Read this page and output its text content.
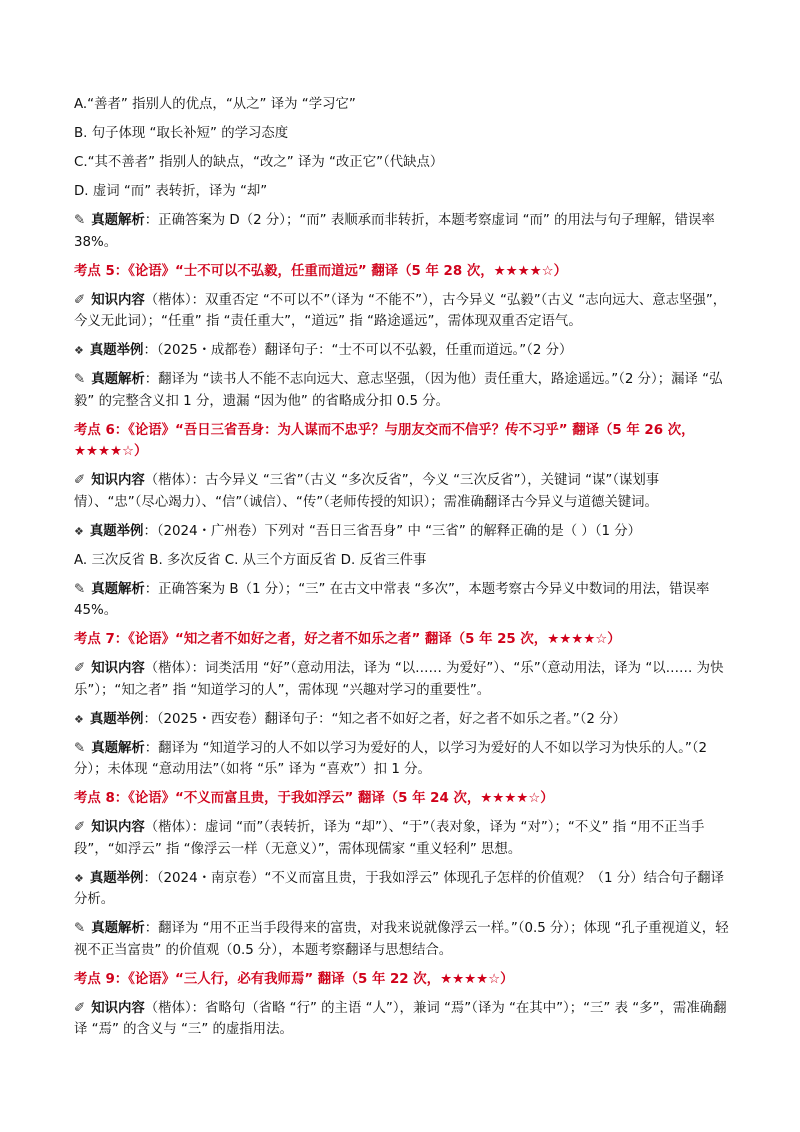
A.“善者” 指别人的优点，“从之” 译为 “学习它”
B. 句子体现 “取长补短” 的学习态度
C.“其不善者” 指别人的缺点，“改之” 译为 “改正它”（代缺点）
D. 虚词 “而” 表转折，译为 “却”
✎ 真题解析：正确答案为 D（2 分）；“而” 表顺承而非转折，本题考察虚词 “而” 的用法与句子理解，错误率 38%。
考点 5：《论语》“士不可以不弘毅，任重而道远” 翻译（5 年 28 次，★★★★☆）
✐ 知识内容（楷体）：双重否定 “不可以不”（译为 “不能不”），古今异义 “弘毅”（古义 “志向远大、意志坚强”，今义无此词）；“任重” 指 “责任重大”，“道远” 指 “路途遥远”，需体现双重否定语气。
❖ 真题举例：（2025・成都卷）翻译句子：“士不可以不弘毅，任重而道远。”（2 分）
✎ 真题解析：翻译为 “读书人不能不志向远大、意志坚强，（因为他）责任重大，路途遥远。”（2 分）；漏译 “弘毅” 的完整含义扣 1 分，遗漏 “因为他” 的省略成分扣 0.5 分。
考点 6：《论语》“吾日三省吾身：为人谋而不忠乎？与朋友交而不信乎？传不习乎” 翻译（5 年 26 次，★★★★☆）
✐ 知识内容（楷体）：古今异义 “三省”（古义 “多次反省”，今义 “三次反省”），关键词 “谋”（谋划事情）、“忠”（尽心竭力）、“信”（诚信）、“传”（老师传授的知识）；需准确翻译古今异义与道德关键词。
❖ 真题举例：（2024・广州卷）下列对 “吾日三省吾身” 中 “三省” 的解释正确的是（ ）（1 分）
A. 三次反省 B. 多次反省 C. 从三个方面反省 D. 反省三件事
✎ 真题解析：正确答案为 B（1 分）；“三” 在古文中常表 “多次”，本题考察古今异义中数词的用法，错误率 45%。
考点 7：《论语》“知之者不如好之者，好之者不如乐之者” 翻译（5 年 25 次，★★★★☆）
✐ 知识内容（楷体）：词类活用 “好”（意动用法，译为 “以…… 为爱好”）、“乐”（意动用法，译为 “以…… 为快乐”）；“知之者” 指 “知道学习的人”，需体现 “兴趣对学习的重要性”。
❖ 真题举例：（2025・西安卷）翻译句子：“知之者不如好之者，好之者不如乐之者。”（2 分）
✎ 真题解析：翻译为 “知道学习的人不如以学习为爱好的人，以学习为爱好的人不如以学习为快乐的人。”（2 分）；未体现 “意动用法”（如将 “乐” 译为 “喜欢”）扣 1 分。
考点 8：《论语》“不义而富且贵，于我如浮云” 翻译（5 年 24 次，★★★★☆）
✐ 知识内容（楷体）：虚词 “而”（表转折，译为 “却”）、“于”（表对象，译为 “对”）；“不义” 指 “用不正当手段”，“如浮云” 指 “像浮云一样（无意义）”，需体现儒家 “重义轻利” 思想。
❖ 真题举例：（2024・南京卷）“不义而富且贵，于我如浮云” 体现孔子怎样的价值观？（1 分）结合句子翻译分析。
✎ 真题解析：翻译为 “用不正当手段得来的富贵，对我来说就像浮云一样。”（0.5 分）；体现 “孔子重视道义，轻视不正当富贵” 的价值观（0.5 分），本题考察翻译与思想结合。
考点 9：《论语》“三人行，必有我师焉” 翻译（5 年 22 次，★★★★☆）
✐ 知识内容（楷体）：省略句（省略 “行” 的主语 “人”），兼词 “焉”（译为 “在其中”）；“三” 表 “多”，需准确翻译 “焉” 的含义与 “三” 的虚指用法。
